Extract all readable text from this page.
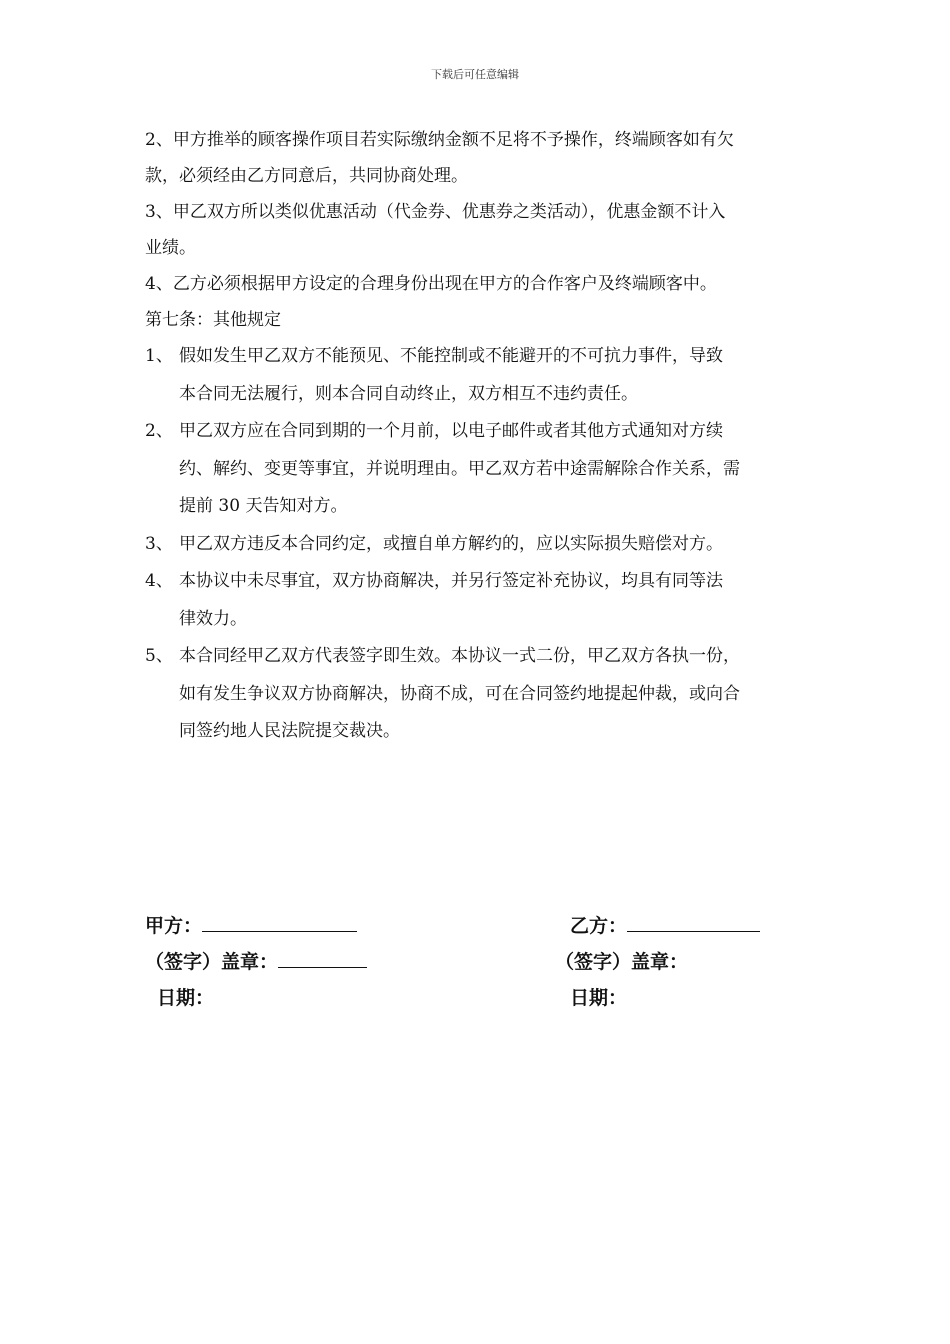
下载后可任意编辑

2、甲方推举的顾客操作项目若实际缴纳金额不足将不予操作，终端顾客如有欠

款，必须经由乙方同意后，共同协商处理。

3、甲乙双方所以类似优惠活动（代金券、优惠券之类活动），优惠金额不计入

业绩。

4、乙方必须根据甲方设定的合理身份出现在甲方的合作客户及终端顾客中。

第七条：其他规定

1、 假如发生甲乙双方不能预见、不能控制或不能避开的不可抗力事件，导致
本合同无法履行，则本合同自动终止，双方相互不违约责任。
2、 甲乙双方应在合同到期的一个月前，以电子邮件或者其他方式通知对方续
约、解约、变更等事宜，并说明理由。甲乙双方若中途需解除合作关系，需
提前 30 天告知对方。
3、 甲乙双方违反本合同约定，或擅自单方解约的，应以实际损失赔偿对方。
4、 本协议中未尽事宜，双方协商解决，并另行签定补充协议，均具有同等法
律效力。
5、 本合同经甲乙双方代表签字即生效。本协议一式二份，甲乙双方各执一份，
如有发生争议双方协商解决，协商不成，可在合同签约地提起仲裁，或向合
同签约地人民法院提交裁决。
甲方：	乙方：
（签字）盖章：	（签字）盖章：
日期：	日期：
